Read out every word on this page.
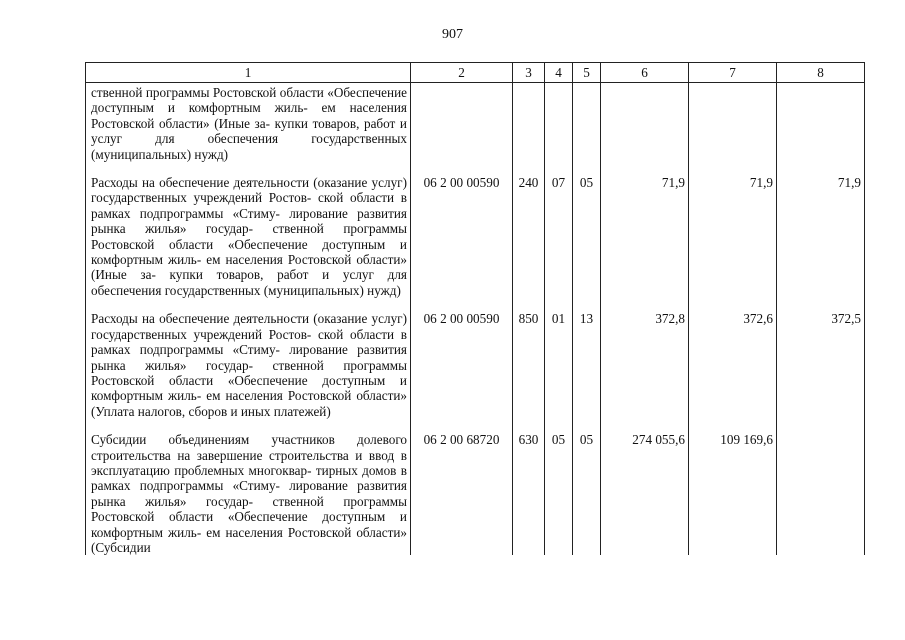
907
1	2	3	4	5	6	7	8
ственной программы Ростовской области «Обеспечение доступным и комфортным жиль- ем населения Ростовской области» (Иные за- купки товаров, работ и услуг для обеспечения государственных (муниципальных) нужд)							
Расходы на обеспечение деятельности (оказание услуг) государственных учреждений Ростов- ской области в рамках подпрограммы «Стиму- лирование развития рынка жилья» государ- ственной программы Ростовской области «Обеспечение доступным и комфортным жиль- ем населения Ростовской области» (Иные за- купки товаров, работ и услуг для обеспечения государственных (муниципальных) нужд)	06 2 00 00590	240	07	05	71,9	71,9	71,9
Расходы на обеспечение деятельности (оказание услуг) государственных учреждений Ростов- ской области в рамках подпрограммы «Стиму- лирование развития рынка жилья» государ- ственной программы Ростовской области «Обеспечение доступным и комфортным жиль- ем населения Ростовской области» (Уплата налогов, сборов и иных платежей)	06 2 00 00590	850	01	13	372,8	372,6	372,5
Субсидии объединениям участников долевого строительства на завершение строительства и ввод в эксплуатацию проблемных многоквар- тирных домов в рамках подпрограммы «Стиму- лирование развития рынка жилья» государ- ственной программы Ростовской области «Обеспечение доступным и комфортным жиль- ем населения Ростовской области» (Субсидии	06 2 00 68720	630	05	05	274 055,6	109 169,6	
